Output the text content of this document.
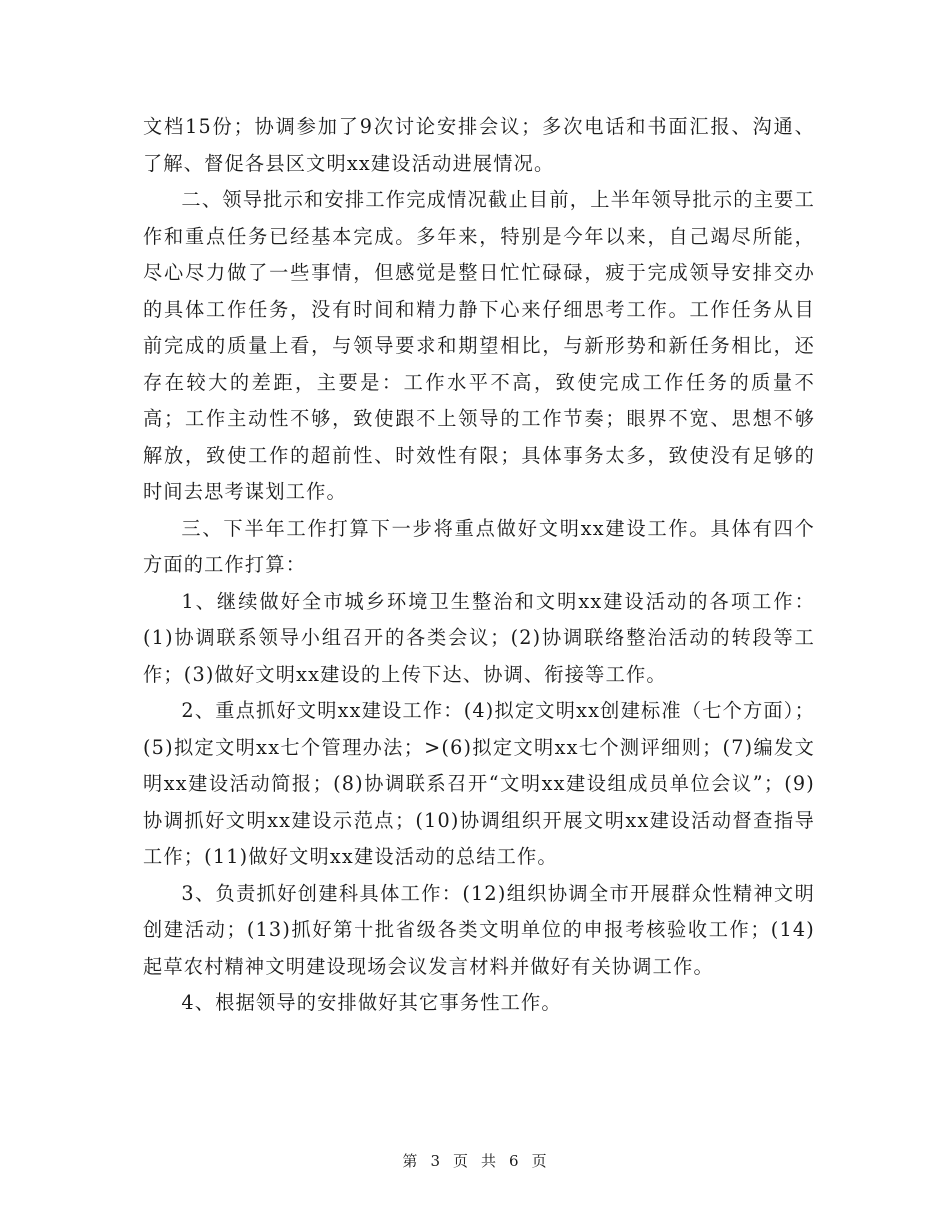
文档15份；协调参加了9次讨论安排会议；多次电话和书面汇报、沟通、了解、督促各县区文明xx建设活动进展情况。

二、领导批示和安排工作完成情况截止目前，上半年领导批示的主要工作和重点任务已经基本完成。多年来，特别是今年以来，自己竭尽所能，尽心尽力做了一些事情，但感觉是整日忙忙碌碌，疲于完成领导安排交办的具体工作任务，没有时间和精力静下心来仔细思考工作。工作任务从目前完成的质量上看，与领导要求和期望相比，与新形势和新任务相比，还存在较大的差距，主要是：工作水平不高，致使完成工作任务的质量不高；工作主动性不够，致使跟不上领导的工作节奏；眼界不宽、思想不够解放，致使工作的超前性、时效性有限；具体事务太多，致使没有足够的时间去思考谋划工作。

三、下半年工作打算下一步将重点做好文明xx建设工作。具体有四个方面的工作打算：

1、继续做好全市城乡环境卫生整治和文明xx建设活动的各项工作：(1)协调联系领导小组召开的各类会议；(2)协调联络整治活动的转段等工作；(3)做好文明xx建设的上传下达、协调、衔接等工作。

2、重点抓好文明xx建设工作：(4)拟定文明xx创建标准（七个方面）；(5)拟定文明xx七个管理办法；>(6)拟定文明xx七个测评细则；(7)编发文明xx建设活动简报；(8)协调联系召开“文明xx建设组成员单位会议”；(9)协调抓好文明xx建设示范点；(10)协调组织开展文明xx建设活动督查指导工作；(11)做好文明xx建设活动的总结工作。

3、负责抓好创建科具体工作：(12)组织协调全市开展群众性精神文明创建活动；(13)抓好第十批省级各类文明单位的申报考核验收工作；(14)起草农村精神文明建设现场会议发言材料并做好有关协调工作。

4、根据领导的安排做好其它事务性工作。

第 3 页 共 6 页
